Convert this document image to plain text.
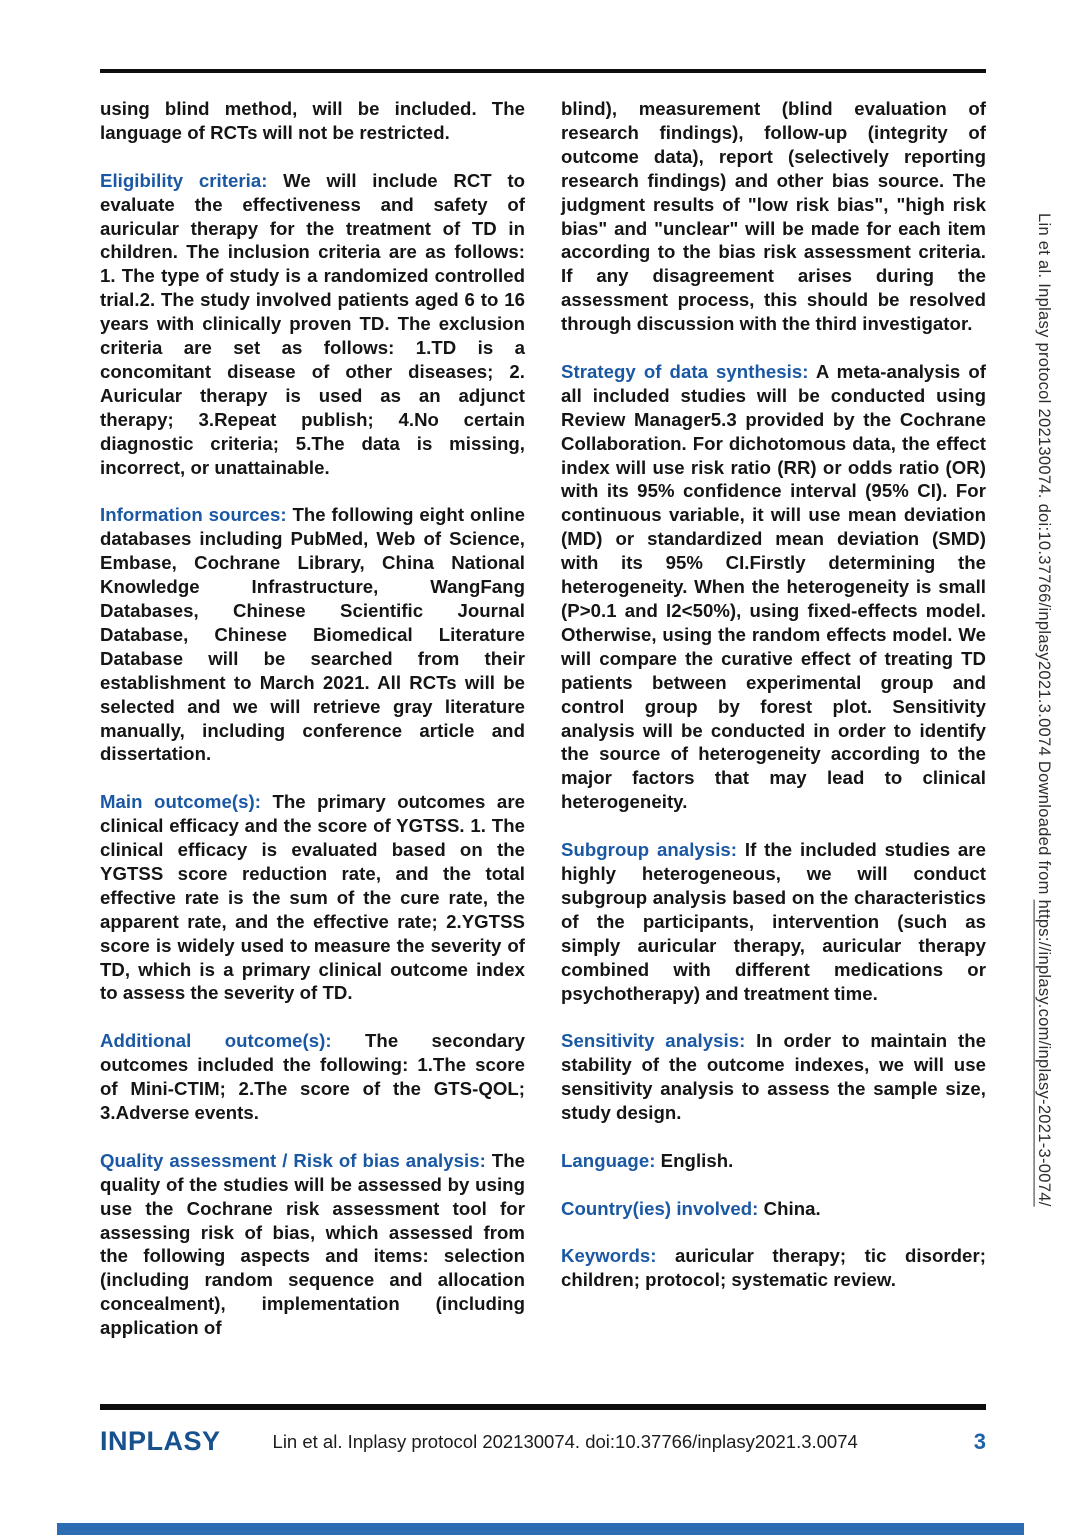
using blind method, will be included. The language of RCTs will not be restricted.

Eligibility criteria: We will include RCT to evaluate the effectiveness and safety of auricular therapy for the treatment of TD in children. The inclusion criteria are as follows: 1. The type of study is a randomized controlled trial.2. The study involved patients aged 6 to 16 years with clinically proven TD. The exclusion criteria are set as follows: 1.TD is a concomitant disease of other diseases; 2. Auricular therapy is used as an adjunct therapy; 3.Repeat publish; 4.No certain diagnostic criteria; 5.The data is missing, incorrect, or unattainable.

Information sources: The following eight online databases including PubMed, Web of Science, Embase, Cochrane Library, China National Knowledge Infrastructure, WangFang Databases, Chinese Scientific Journal Database, Chinese Biomedical Literature Database will be searched from their establishment to March 2021. All RCTs will be selected and we will retrieve gray literature manually, including conference article and dissertation.

Main outcome(s): The primary outcomes are clinical efficacy and the score of YGTSS. 1. The clinical efficacy is evaluated based on the YGTSS score reduction rate, and the total effective rate is the sum of the cure rate, the apparent rate, and the effective rate; 2.YGTSS score is widely used to measure the severity of TD, which is a primary clinical outcome index to assess the severity of TD.

Additional outcome(s): The secondary outcomes included the following: 1.The score of Mini-CTIM; 2.The score of the GTS-QOL; 3.Adverse events.

Quality assessment / Risk of bias analysis: The quality of the studies will be assessed by using use the Cochrane risk assessment tool for assessing risk of bias, which assessed from the following aspects and items: selection (including random sequence and allocation concealment), implementation (including application of

blind), measurement (blind evaluation of research findings), follow-up (integrity of outcome data), report (selectively reporting research findings) and other bias source. The judgment results of "low risk bias", "high risk bias" and "unclear" will be made for each item according to the bias risk assessment criteria. If any disagreement arises during the assessment process, this should be resolved through discussion with the third investigator.

Strategy of data synthesis: A meta-analysis of all included studies will be conducted using Review Manager5.3 provided by the Cochrane Collaboration. For dichotomous data, the effect index will use risk ratio (RR) or odds ratio (OR) with its 95% confidence interval (95% CI). For continuous variable, it will use mean deviation (MD) or standardized mean deviation (SMD) with its 95% CI.Firstly determining the heterogeneity. When the heterogeneity is small (P>0.1 and I2<50%), using fixed-effects model. Otherwise, using the random effects model. We will compare the curative effect of treating TD patients between experimental group and control group by forest plot. Sensitivity analysis will be conducted in order to identify the source of heterogeneity according to the major factors that may lead to clinical heterogeneity.

Subgroup analysis: If the included studies are highly heterogeneous, we will conduct subgroup analysis based on the characteristics of the participants, intervention (such as simply auricular therapy, auricular therapy combined with different medications or psychotherapy) and treatment time.

Sensitivity analysis: In order to maintain the stability of the outcome indexes, we will use sensitivity analysis to assess the sample size, study design.

Language: English.

Country(ies) involved: China.

Keywords: auricular therapy; tic disorder; children; protocol; systematic review.

Lin et al. Inplasy protocol 202130074. doi:10.37766/inplasy2021.3.0074 Downloaded from https://inplasy.com/inplasy-2021-3-0074/
INPLASY	Lin et al. Inplasy protocol 202130074. doi:10.37766/inplasy2021.3.0074	3
